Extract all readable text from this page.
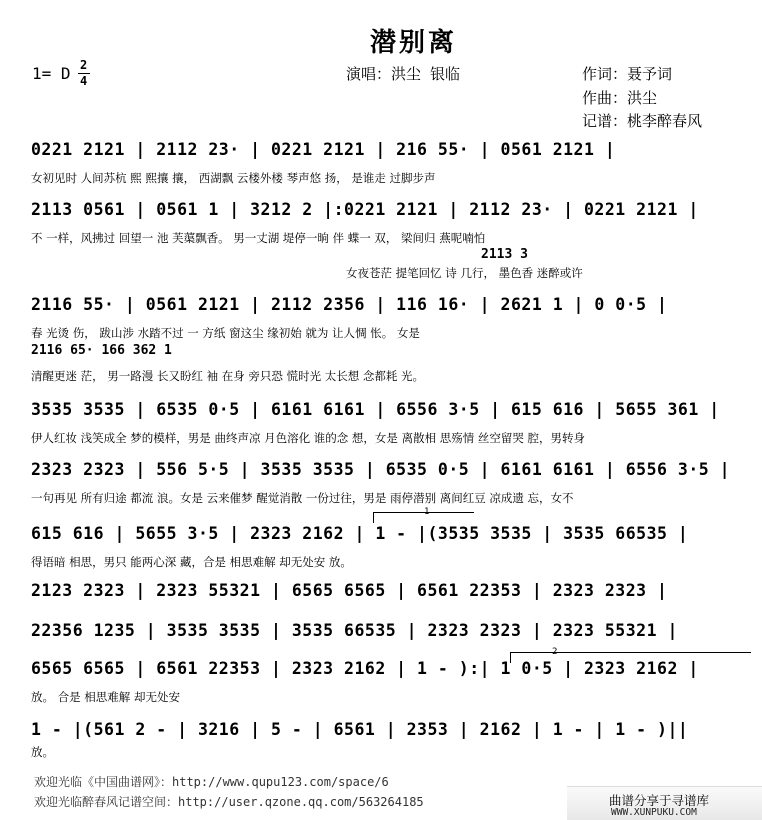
潜别离
1= D 2
4	演唱：洪尘 银临	作词：聂予词
作曲：洪尘
记谱：桃李醉春风
0221 2121 | 2112 23· | 0221 2121 | 216 55· | 0561 2121 |
女初见时 人间苏杭 熙 熙攘 攘， 西湖飘 云楼外楼 琴声悠 扬， 是谁走 过脚步声
2113 0561 | 0561 1 | 3212 2 |:0221 2121 | 2112 23· | 0221 2121 |
不 一样，风拂过 回望一 池 芙蕖飘香。 男一丈湖 堤停一晌 伴 蝶一 双， 梁间归 燕呢喃怕
2113 3
女夜苍茫 提笔回忆 诗 几行， 墨色香 迷醉或许
2116 55· | 0561 2121 | 2112 2356 | 116 16· | 2621 1 | 0 0·5 |
春 光烫 伤， 跋山涉 水踏不过 一 方纸 窗这尘 缘初始 就为 让人惆 怅。 女是
2116 65· 166 362 1
清醒更迷 茫， 男一路漫 长又盼红 袖 在身 旁只恐 慌时光 太长想 念都耗 光。
3535 3535 | 6535 0·5 | 6161 6161 | 6556 3·5 | 615 616 | 5655 361 |
伊人红妆 浅笑成全 梦的模样，男是 曲终声凉 月色溶化 谁的念 想，女是 离散相 思殇情 丝空留哭 腔，男转身
2323 2323 | 556 5·5 | 3535 3535 | 6535 0·5 | 6161 6161 | 6556 3·5 |
一句再见 所有归途 都流 浪。女是 云来催梦 醒觉消散 一份过往，男是 雨停潜别 离间红豆 凉成遗 忘，女不
1
615 616 | 5655 3·5 | 2323 2162 | 1 - |(3535 3535 | 3535 66535 |
得语暗 相思，男只 能两心深 藏，合是 相思难解 却无处安 放。
2123 2323 | 2323 55321 | 6565 6565 | 6561 22353 | 2323 2323 |
22356 1235 | 3535 3535 | 3535 66535 | 2323 2323 | 2323 55321 |
2
6565 6565 | 6561 22353 | 2323 2162 | 1 - ):| 1 0·5 | 2323 2162 |
放。 合是 相思难解 却无处安
1 - |(561 2 - | 3216 | 5 - | 6561 | 2353 | 2162 | 1 - | 1 - )||
放。
欢迎光临《中国曲谱网》：http://www.qupu123.com/space/6
欢迎光临醉春风记谱空间：http://user.qzone.qq.com/563264185	曲谱分享于寻谱库
WWW.XUNPUKU.COM
